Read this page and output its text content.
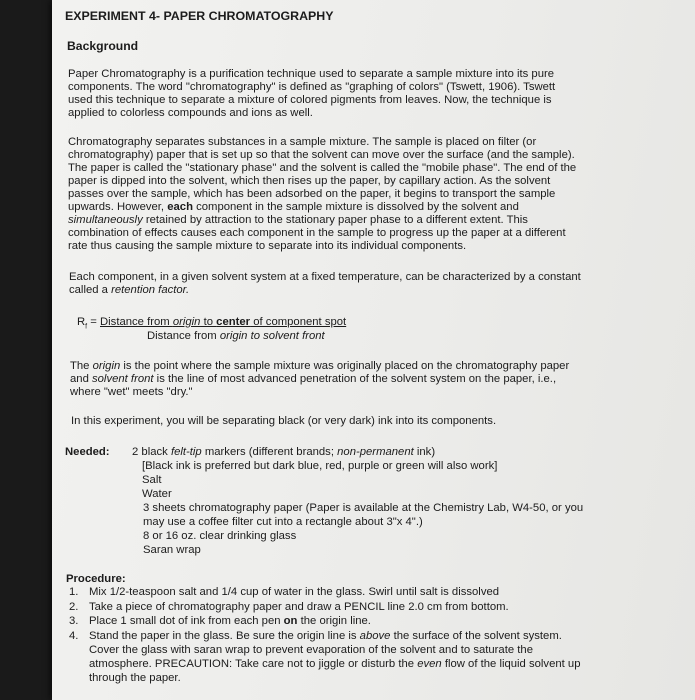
EXPERIMENT 4- PAPER CHROMATOGRAPHY
Background
Paper Chromatography is a purification technique used to separate a sample mixture into its pure
components. The word "chromatography" is defined as "graphing of colors" (Tswett, 1906). Tswett
used this technique to separate a mixture of colored pigments from leaves. Now, the technique is
applied to colorless compounds and ions as well.
Chromatography separates substances in a sample mixture. The sample is placed on filter (or
chromatography) paper that is set up so that the solvent can move over the surface (and the sample).
The paper is called the "stationary phase" and the solvent is called the "mobile phase". The end of the
paper is dipped into the solvent, which then rises up the paper, by capillary action. As the solvent
passes over the sample, which has been adsorbed on the paper, it begins to transport the sample
upwards. However, each component in the sample mixture is dissolved by the solvent and
simultaneously retained by attraction to the stationary paper phase to a different extent. This
combination of effects causes each component in the sample to progress up the paper at a different
rate thus causing the sample mixture to separate into its individual components.
Each component, in a given solvent system at a fixed temperature, can be characterized by a constant
called a retention factor.
$R_f$ = Distance from origin to center of component spot
Distance from origin to solvent front
The origin is the point where the sample mixture was originally placed on the chromatography paper
and solvent front is the line of most advanced penetration of the solvent system on the paper, i.e.,
where "wet" meets "dry."
In this experiment, you will be separating black (or very dark) ink into its components.
Needed: 2 black felt-tip markers (different brands; non-permanent ink)
[Black ink is preferred but dark blue, red, purple or green will also work]
Salt
Water
3 sheets chromatography paper (Paper is available at the Chemistry Lab, W4-50, or you
may use a coffee filter cut into a rectangle about 3"x 4".)
8 or 16 oz. clear drinking glass
Saran wrap
Procedure:
1. Mix 1/2-teaspoon salt and 1/4 cup of water in the glass. Swirl until salt is dissolved
2. Take a piece of chromatography paper and draw a PENCIL line 2.0 cm from bottom.
3. Place 1 small dot of ink from each pen on the origin line.
4. Stand the paper in the glass. Be sure the origin line is above the surface of the solvent system.
Cover the glass with saran wrap to prevent evaporation of the solvent and to saturate the
atmosphere. PRECAUTION: Take care not to jiggle or disturb the even flow of the liquid solvent up
through the paper.
